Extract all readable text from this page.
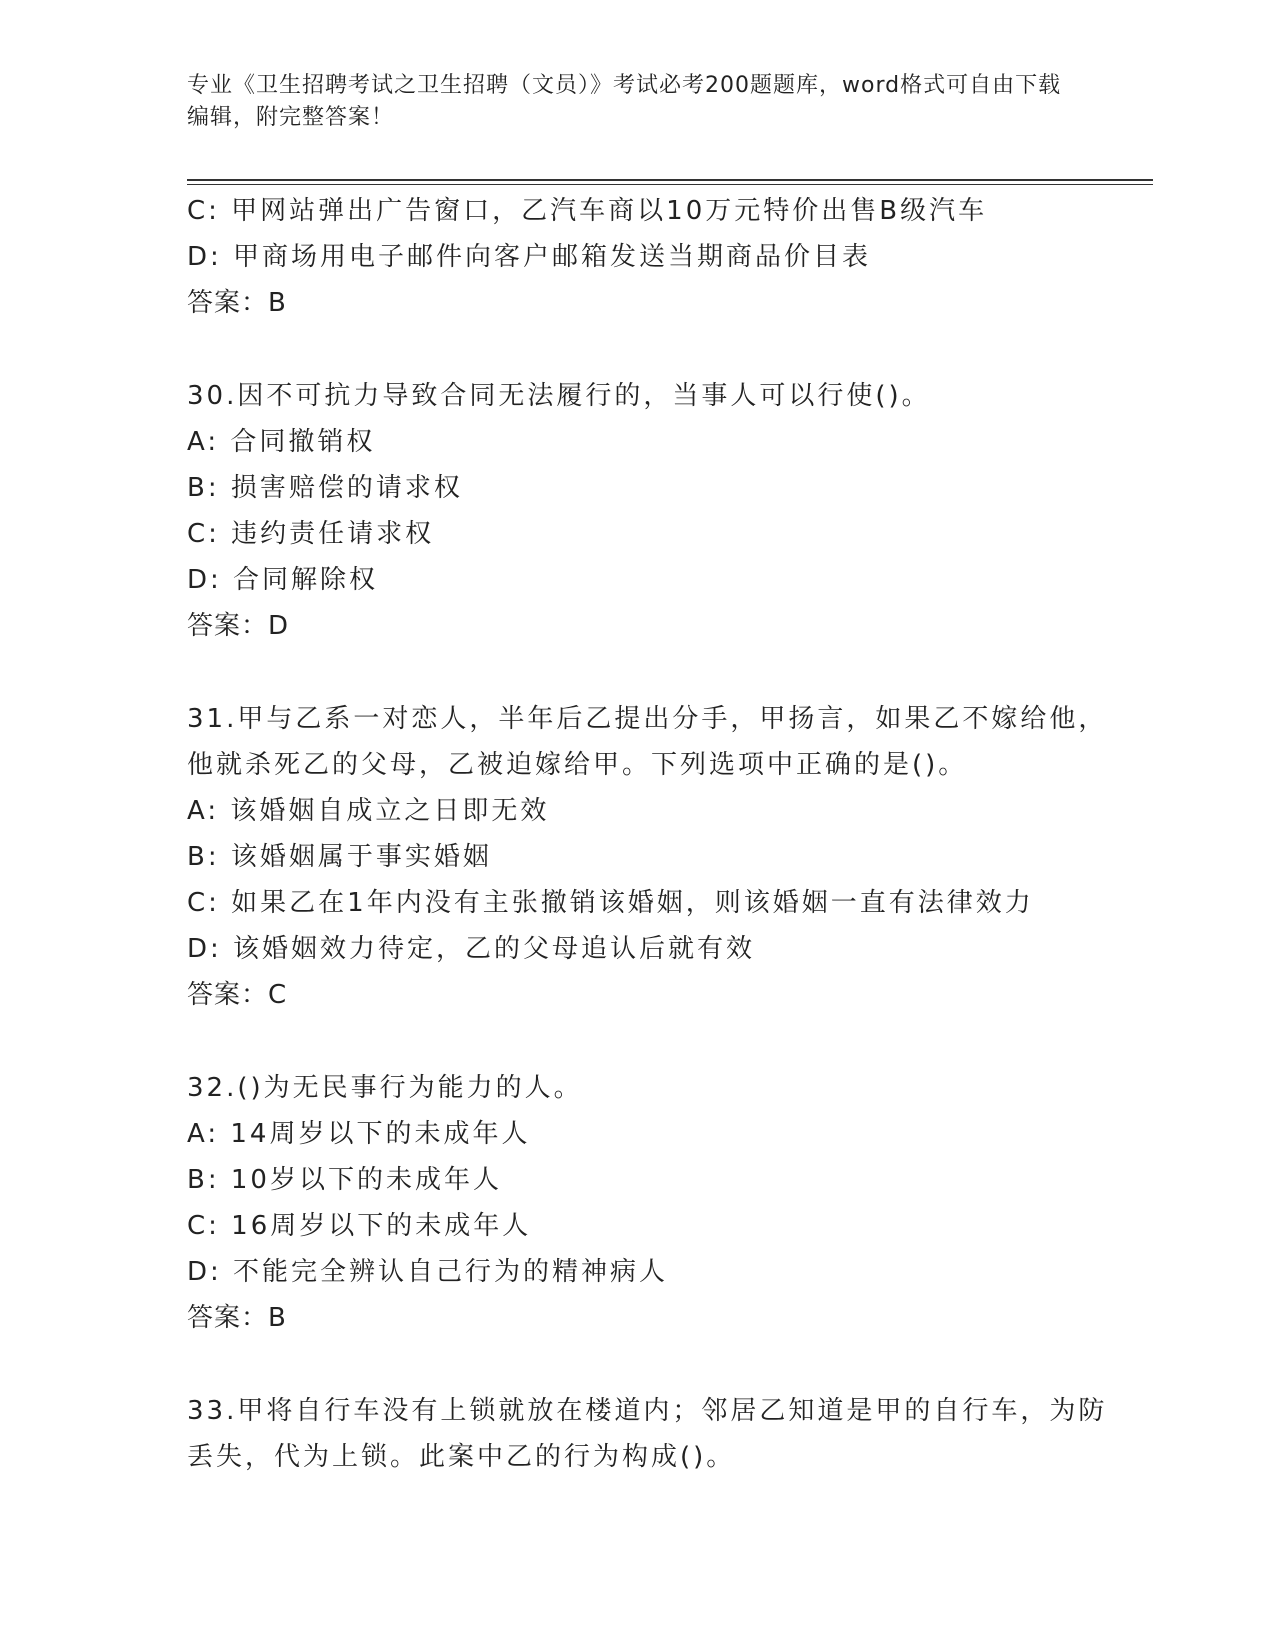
专业《卫生招聘考试之卫生招聘（文员）》考试必考200题题库，word格式可自由下载编辑，附完整答案！
C: 甲网站弹出广告窗口，乙汽车商以10万元特价出售B级汽车
D: 甲商场用电子邮件向客户邮箱发送当期商品价目表
答案：B
30.因不可抗力导致合同无法履行的，当事人可以行使()。
A: 合同撤销权
B: 损害赔偿的请求权
C: 违约责任请求权
D: 合同解除权
答案：D
31.甲与乙系一对恋人，半年后乙提出分手，甲扬言，如果乙不嫁给他，他就杀死乙的父母，乙被迫嫁给甲。下列选项中正确的是()。
A: 该婚姻自成立之日即无效
B: 该婚姻属于事实婚姻
C: 如果乙在1年内没有主张撤销该婚姻，则该婚姻一直有法律效力
D: 该婚姻效力待定，乙的父母追认后就有效
答案：C
32.()为无民事行为能力的人。
A: 14周岁以下的未成年人
B: 10岁以下的未成年人
C: 16周岁以下的未成年人
D: 不能完全辨认自己行为的精神病人
答案：B
33.甲将自行车没有上锁就放在楼道内；邻居乙知道是甲的自行车，为防丢失，代为上锁。此案中乙的行为构成()。
